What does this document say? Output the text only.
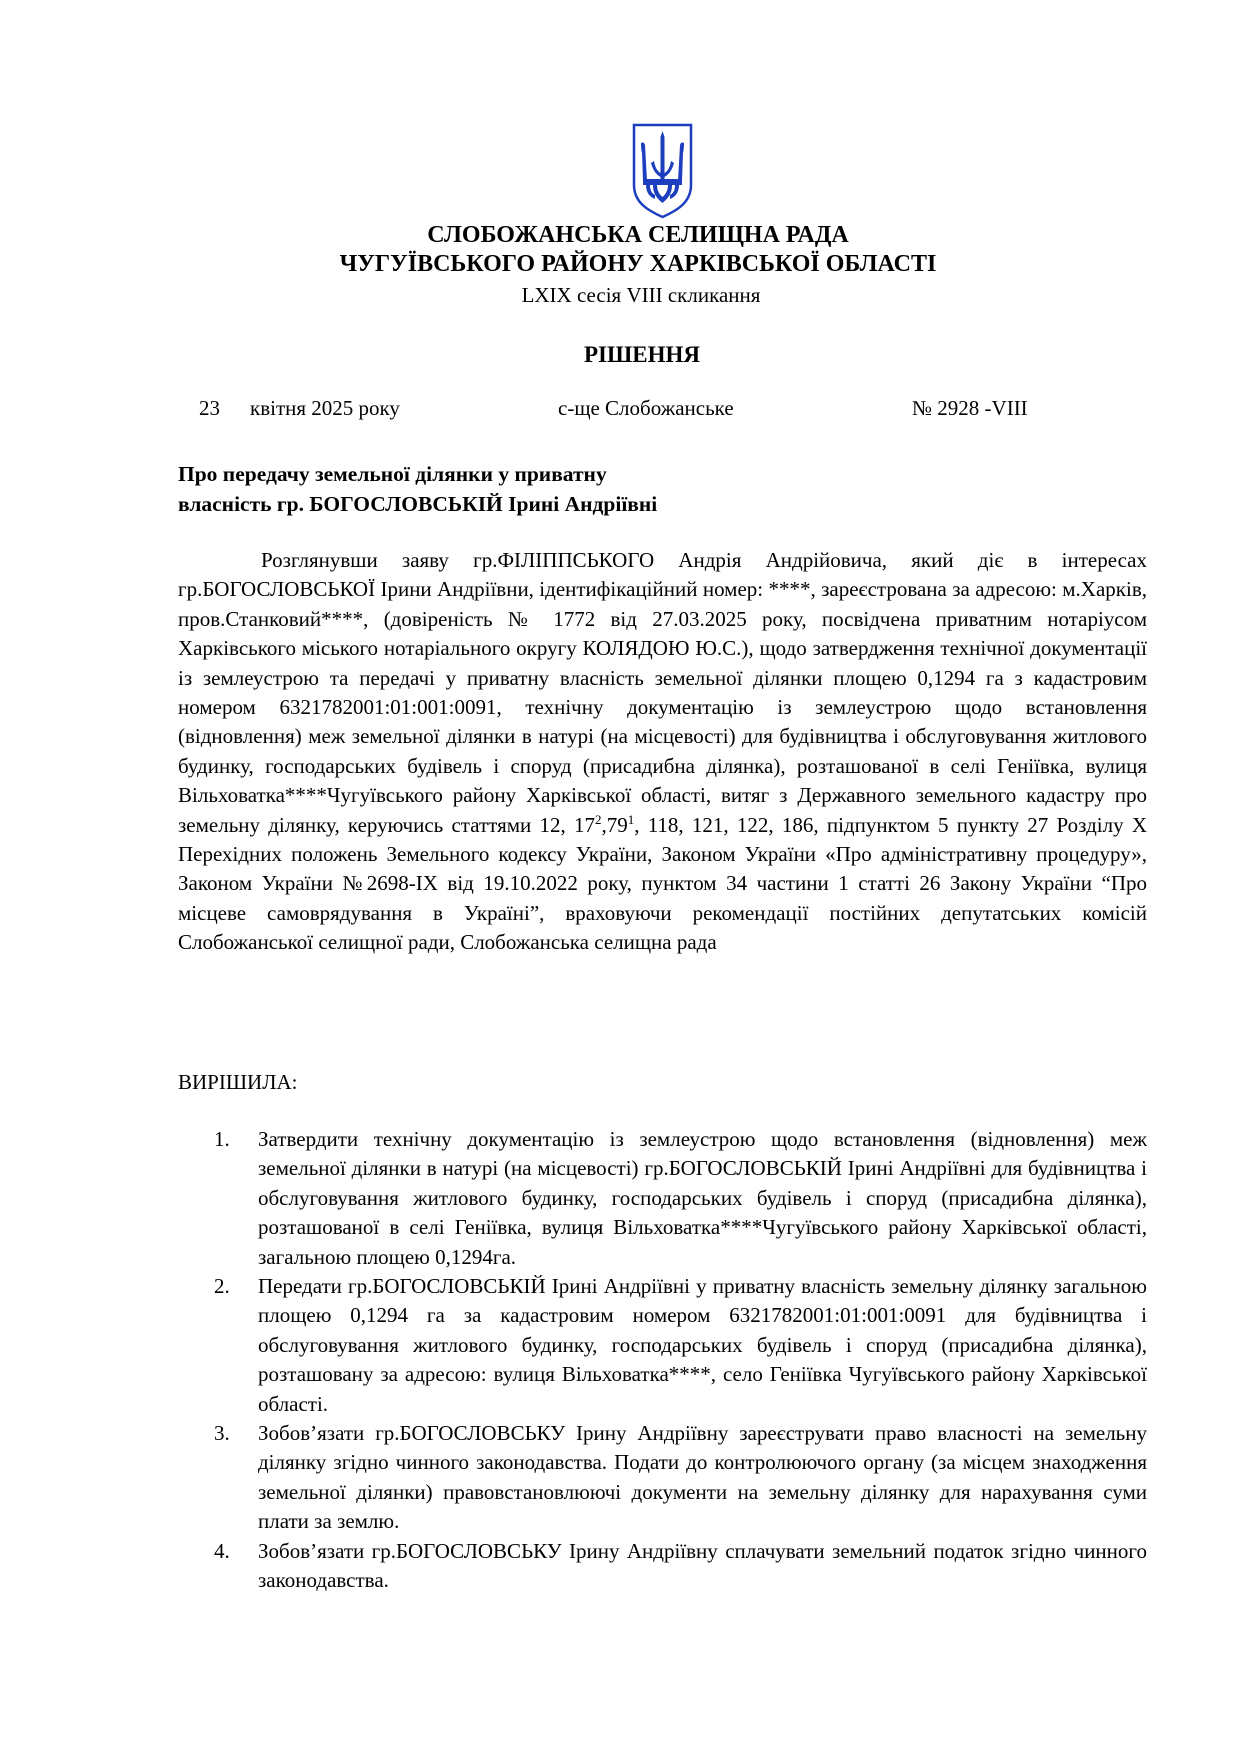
СЛОБОЖАНСЬКА СЕЛИЩНА РАДА
ЧУГУЇВСЬКОГО РАЙОНУ ХАРКІВСЬКОЇ ОБЛАСТІ
LXIX сесія VIII скликання
РІШЕННЯ
23 квітня 2025 року	с-ще Слобожанське	№ 2928 -VIII
Про передачу земельної ділянки у приватну
власність гр. БОГОСЛОВСЬКІЙ Ірині Андріївні

Розглянувши заяву гр.ФІЛІППСЬКОГО Андрія Андрійовича, який діє в інтересах гр.БОГОСЛОВСЬКОЇ Ірини Андріївни, ідентифікаційний номер: ****, зареєстрована за адресою: м.Харків, пров.Станковий****, (довіреність № 1772 від 27.03.2025 року, посвідчена приватним нотаріусом Харківського міського нотаріального округу КОЛЯДОЮ Ю.С.), щодо затвердження технічної документації із землеустрою та передачі у приватну власність земельної ділянки площею 0,1294 га з кадастровим номером 6321782001:01:001:0091, технічну документацію із землеустрою щодо встановлення (відновлення) меж земельної ділянки в натурі (на місцевості) для будівництва і обслуговування житлового будинку, господарських будівель і споруд (присадибна ділянка), розташованої в селі Геніївка, вулиця Вільховатка****Чугуївського району Харківської області, витяг з Державного земельного кадастру про земельну ділянку, керуючись статтями 12, $17^2,79^1$, 118, 121, 122, 186, підпунктом 5 пункту 27 Розділу X Перехідних положень Земельного кодексу України, Законом України «Про адміністративну процедуру», Законом України №2698-IX від 19.10.2022 року, пунктом 34 частини 1 статті 26 Закону України “Про місцеве самоврядування в Україні”, враховуючи рекомендації постійних депутатських комісій Слобожанської селищної ради, Слобожанська селищна рада

ВИРІШИЛА:
1. Затвердити технічну документацію із землеустрою щодо встановлення (відновлення) меж земельної ділянки в натурі (на місцевості) гр.БОГОСЛОВСЬКІЙ Ірині Андріївні для будівництва і обслуговування житлового будинку, господарських будівель і споруд (присадибна ділянка), розташованої в селі Геніївка, вулиця Вільховатка****Чугуївського району Харківської області, загальною площею 0,1294га.
2. Передати гр.БОГОСЛОВСЬКІЙ Ірині Андріївні у приватну власність земельну ділянку загальною площею 0,1294 га за кадастровим номером 6321782001:01:001:0091 для будівництва і обслуговування житлового будинку, господарських будівель і споруд (присадибна ділянка), розташовану за адресою: вулиця Вільховатка****, село Геніївка Чугуївського району Харківської області.
3. Зобов’язати гр.БОГОСЛОВСЬКУ Ірину Андріївну зареєструвати право власності на земельну ділянку згідно чинного законодавства. Подати до контролюючого органу (за місцем знаходження земельної ділянки) правовстановлюючі документи на земельну ділянку для нарахування суми плати за землю.
4. Зобов’язати гр.БОГОСЛОВСЬКУ Ірину Андріївну сплачувати земельний податок згідно чинного законодавства.
